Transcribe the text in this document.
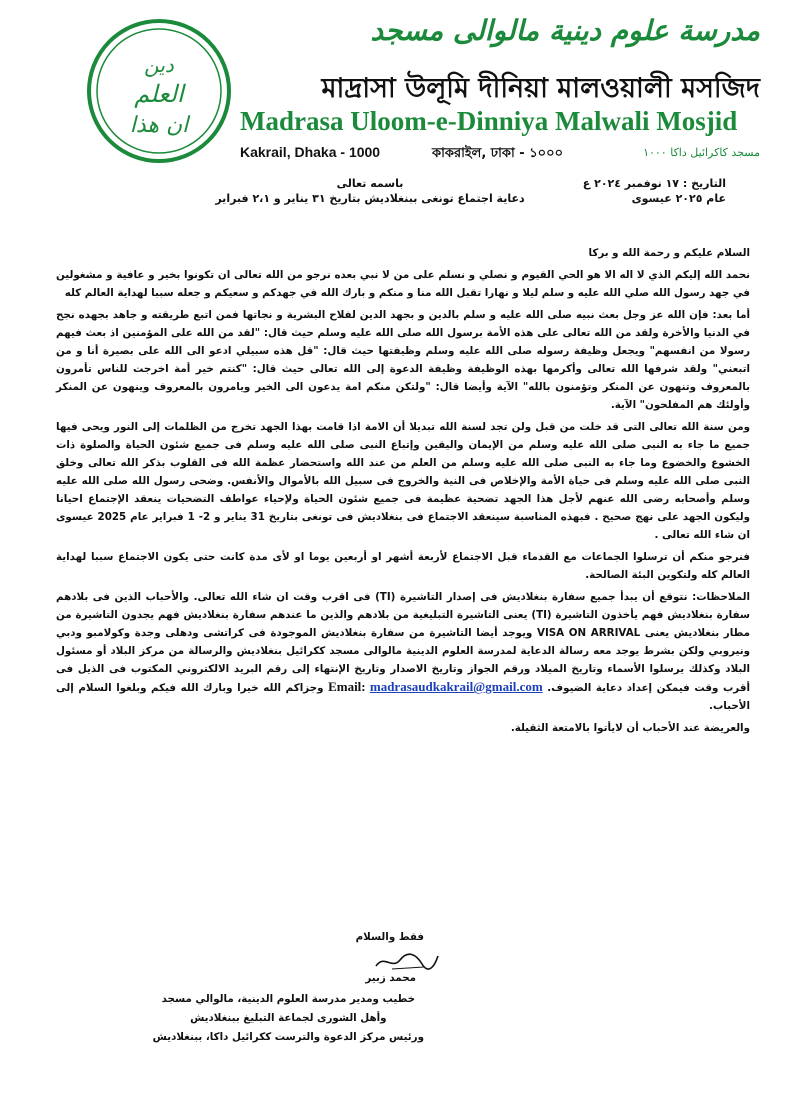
دين
العلم
ان هذا
مدرسة علوم دينية مالوالى مسجد
মাদ্রাসা উলূমি দীনিয়া মালওয়ালী মসজিদ
Madrasa Uloom-e-Dinniya Malwali Mosjid
Kakrail, Dhaka - 1000	কাকরাইল, ঢাকা - ১০০০	مسجد كاكرائيل داكا ١٠٠٠
التاريخ : ١٧ نوفمبر ٢٠٢٤ ع
عام ٢٠٢٥ عيسوى
باسمه تعالى
دعاية اجتماع تونغى ببنغلاديش بتاريخ ٣١ يناير و ٢،١ فبراير

السلام عليكم و رحمة الله و بركا

نحمد الله إليكم الذي لا اله الا هو الحي القيوم و نصلي و نسلم على من لا نبي بعده نرجو من الله تعالى ان تكونوا بخير و عافية و مشغولين في جهد رسول الله صلي الله عليه و سلم ليلا و نهارا تقبل الله منا و منكم و بارك الله في جهدكم و سعيكم و جعله سببا لهداية العالم كله

أما بعد: فإن الله عز وجل بعث نبيه صلى الله عليه و سلم بالدين و بجهد الدين لفلاح البشرية و نجاتها فمن اتبع طريقته و جاهد بجهده نجح في الدنيا والأخرة ولقد من الله تعالى على هذه الأمة برسول الله صلى الله عليه وسلم حيث قال: "لقد من الله على المؤمنين اذ بعث فيهم رسولا من انفسهم" ويجعل وظيفة رسوله صلى الله عليه وسلم وظيفتها حيث قال: "قل هذه سبيلي ادعو الى الله على بصيرة أنا و من اتبعني" ولقد شرفها الله تعالى وأكرمها بهذه الوظيفة وظيفة الدعوة إلى الله تعالى حيث قال: "كنتم خير أمة اخرجت للناس تأمرون بالمعروف وتنهون عن المنكر وتؤمنون بالله" الآية وأيضا قال: "ولتكن منكم امة يدعون الى الخير ويامرون بالمعروف وينهون عن المنكر وأولئك هم المفلحون" الآية.

ومن سنة الله تعالى التى قد خلت من قبل ولن تجد لسنة الله تبديلا أن الامة اذا قامت بهذا الجهد تخرج من الظلمات إلى النور ويحى فيها جميع ما جاء به النبى صلى الله عليه وسلم من الإيمان واليقين وإتباع النبى صلى الله عليه وسلم فى جميع شئون الحياة والصلوة ذات الخشوع والخضوع وما جاء به النبى صلى الله عليه وسلم من العلم من عند الله واستحضار عظمة الله فى القلوب بذكر الله تعالى وخلق النبى صلى الله عليه وسلم فى حياة الأمة والإخلاص فى النية والخروج فى سبيل الله بالأموال والأنفس. وضحى رسول الله صلى الله عليه وسلم وأصحابه رضى الله عنهم لأجل هذا الجهد تضحية عظيمة فى جميع شئون الحياة ولإحياء عواطف التضحيات ينعقد الإجتماع احيانا وليكون الجهد على نهج صحيح . فبهذه المناسبة سينعقد الاجتماع فى بنغلاديش فى تونغى بتاريخ 31 يناير و 2- 1 فبراير عام 2025 عيسوى ان شاء الله تعالى .

فنرجو منكم أن ترسلوا الجماعات مع القدماء قبل الاجتماع لأربعة أشهر او أربعين يوما او لأى مدة كانت حتى يكون الاجتماع سببا لهداية العالم كله ولتكوين البئة الصالحة.

الملاحظات: نتوقع أن يبدأ جميع سفارة بنغلاديش فى إصدار التاشيرة (TI) فى اقرب وقت ان شاء الله تعالى. والأحباب الذين فى بلادهم سفارة بنغلاديش فهم يأخذون التاشيرة (TI) يعنى التاشيرة التبليغية من بلادهم والذين ما عندهم سفارة بنغلاديش فهم يجدون التاشيرة من مطار بنغلاديش يعنى VISA ON ARRIVAL ويوجد أيضا التاشيرة من سفارة بنغلاديش الموجودة فى كراتشى ودهلى وجدة وكولامبو ودبي ونيروبي ولكن بشرط يوجد معه رسالة الدعاية لمدرسة العلوم الدينية مالوالى مسجد ككرائيل بنغلاديش والرسالة من مركز البلاد أو مسئول البلاد وكذلك يرسلوا الأسماء وتاريخ الميلاد ورقم الجواز وتاريخ الاصدار وتاريخ الإنتهاء إلى رقم البريد الالكتروني المكتوب فى الذيل فى أقرب وقت فيمكن إعداد دعاية الضيوف. Email: madrasaudkakrail@gmail.com وجزاكم الله خيرا وبارك الله فيكم وبلغوا السلام إلى الأحباب.

والعريضة عند الأحباب أن لايأتوا بالامتعة الثقيلة.

فقط والسلام
محمد زبير
خطيب ومدير مدرسة العلوم الدينية، مالوالي مسجد
وأهل الشورى لجماعة التبليغ ببنغلاديش
ورئيس مركز الدعوة والترست ككرائيل داكا، ببنغلاديش
